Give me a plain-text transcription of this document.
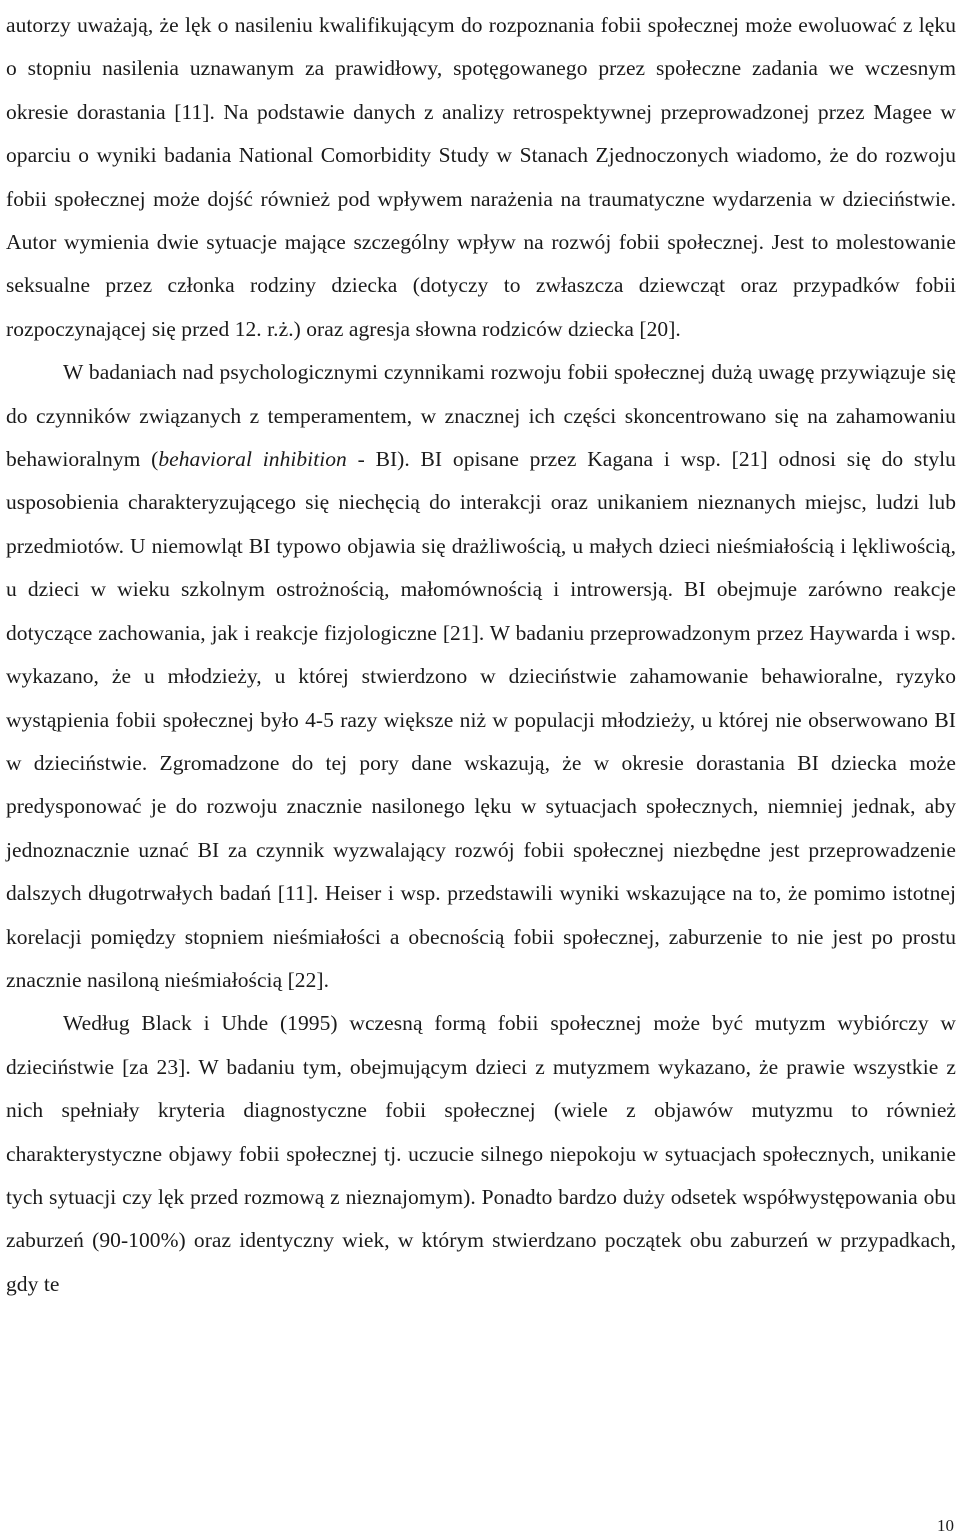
autorzy uważają, że lęk o nasileniu kwalifikującym do rozpoznania fobii społecznej może ewoluować z lęku o stopniu nasilenia uznawanym za prawidłowy, spotęgowanego przez społeczne zadania we wczesnym okresie dorastania [11]. Na podstawie danych z analizy retrospektywnej przeprowadzonej przez Magee w oparciu o wyniki badania National Comorbidity Study w Stanach Zjednoczonych wiadomo, że do rozwoju fobii społecznej może dojść również pod wpływem narażenia na traumatyczne wydarzenia w dzieciństwie. Autor wymienia dwie sytuacje mające szczególny wpływ na rozwój fobii społecznej. Jest to molestowanie seksualne przez członka rodziny dziecka (dotyczy to zwłaszcza dziewcząt oraz przypadków fobii rozpoczynającej się przed 12. r.ż.) oraz agresja słowna rodziców dziecka [20].

W badaniach nad psychologicznymi czynnikami rozwoju fobii społecznej dużą uwagę przywiązuje się do czynników związanych z temperamentem, w znacznej ich części skoncentrowano się na zahamowaniu behawioralnym (behavioral inhibition - BI). BI opisane przez Kagana i wsp. [21] odnosi się do stylu usposobienia charakteryzującego się niechęcią do interakcji oraz unikaniem nieznanych miejsc, ludzi lub przedmiotów. U niemowląt BI typowo objawia się drażliwością, u małych dzieci nieśmiałością i lękliwością, u dzieci w wieku szkolnym ostrożnością, małomównością i introwersją. BI obejmuje zarówno reakcje dotyczące zachowania, jak i reakcje fizjologiczne [21]. W badaniu przeprowadzonym przez Haywarda i wsp. wykazano, że u młodzieży, u której stwierdzono w dzieciństwie zahamowanie behawioralne, ryzyko wystąpienia fobii społecznej było 4-5 razy większe niż w populacji młodzieży, u której nie obserwowano BI w dzieciństwie. Zgromadzone do tej pory dane wskazują, że w okresie dorastania BI dziecka może predysponować je do rozwoju znacznie nasilonego lęku w sytuacjach społecznych, niemniej jednak, aby jednoznacznie uznać BI za czynnik wyzwalający rozwój fobii społecznej niezbędne jest przeprowadzenie dalszych długotrwałych badań [11]. Heiser i wsp. przedstawili wyniki wskazujące na to, że pomimo istotnej korelacji pomiędzy stopniem nieśmiałości a obecnością fobii społecznej, zaburzenie to nie jest po prostu znacznie nasiloną nieśmiałością [22].

Według Black i Uhde (1995) wczesną formą fobii społecznej może być mutyzm wybiórczy w dzieciństwie [za 23]. W badaniu tym, obejmującym dzieci z mutyzmem wykazano, że prawie wszystkie z nich spełniały kryteria diagnostyczne fobii społecznej (wiele z objawów mutyzmu to również charakterystyczne objawy fobii społecznej tj. uczucie silnego niepokoju w sytuacjach społecznych, unikanie tych sytuacji czy lęk przed rozmową z nieznajomym). Ponadto bardzo duży odsetek współwystępowania obu zaburzeń (90-100%) oraz identyczny wiek, w którym stwierdzano początek obu zaburzeń w przypadkach, gdy te

10
